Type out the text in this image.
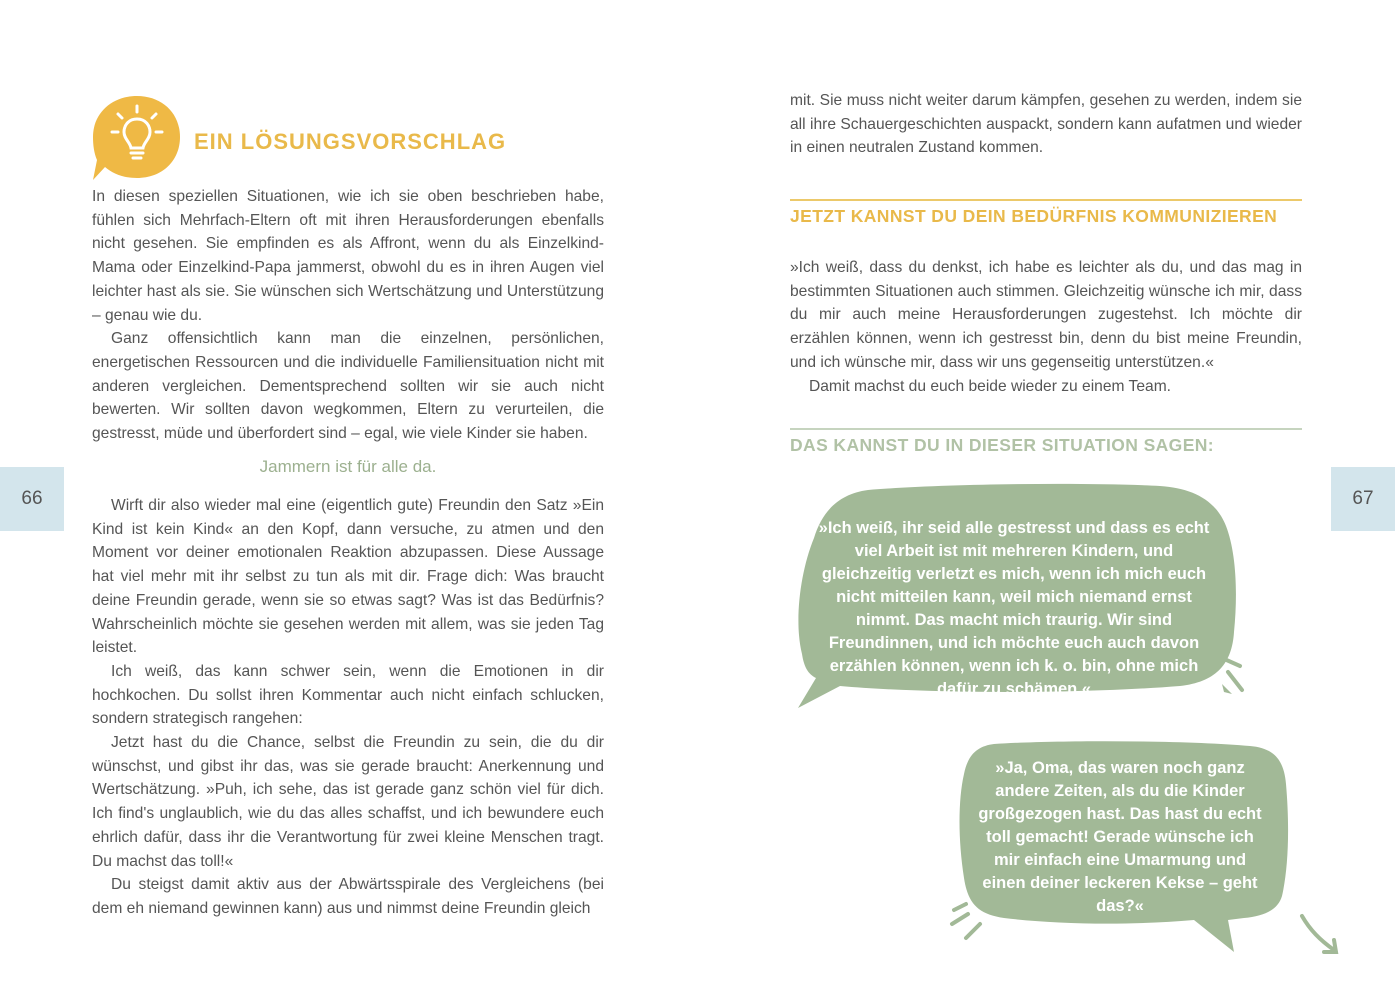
66	67
EIN LÖSUNGSVORSCHLAG

In diesen speziellen Situationen, wie ich sie oben beschrieben habe, fühlen sich Mehrfach-Eltern oft mit ihren Herausforderungen ebenfalls nicht gesehen. Sie empfinden es als Affront, wenn du als Einzelkind-Mama oder Einzelkind-Papa jammerst, obwohl du es in ihren Augen viel leichter hast als sie. Sie wünschen sich Wertschätzung und Unterstützung – genau wie du.

Ganz offensichtlich kann man die einzelnen, persönlichen, energetischen Ressourcen und die individuelle Familiensituation nicht mit anderen vergleichen. Dementsprechend sollten wir sie auch nicht bewerten. Wir sollten davon wegkommen, Eltern zu verurteilen, die gestresst, müde und überfordert sind – egal, wie viele Kinder sie haben.

Jammern ist für alle da.

Wirft dir also wieder mal eine (eigentlich gute) Freundin den Satz »Ein Kind ist kein Kind« an den Kopf, dann versuche, zu atmen und den Moment vor deiner emotionalen Reaktion abzupassen. Diese Aussage hat viel mehr mit ihr selbst zu tun als mit dir. Frage dich: Was braucht deine Freundin gerade, wenn sie so etwas sagt? Was ist das Bedürfnis? Wahrscheinlich möchte sie gesehen werden mit allem, was sie jeden Tag leistet.

Ich weiß, das kann schwer sein, wenn die Emotionen in dir hochkochen. Du sollst ihren Kommentar auch nicht einfach schlucken, sondern strategisch rangehen:

Jetzt hast du die Chance, selbst die Freundin zu sein, die du dir wünschst, und gibst ihr das, was sie gerade braucht: Anerkennung und Wertschätzung. »Puh, ich sehe, das ist gerade ganz schön viel für dich. Ich find's unglaublich, wie du das alles schaffst, und ich bewundere euch ehrlich dafür, dass ihr die Verantwortung für zwei kleine Menschen tragt. Du machst das toll!«

Du steigst damit aktiv aus der Abwärtsspirale des Vergleichens (bei dem eh niemand gewinnen kann) aus und nimmst deine Freundin gleich

mit. Sie muss nicht weiter darum kämpfen, gesehen zu werden, indem sie all ihre Schauergeschichten auspackt, sondern kann aufatmen und wieder in einen neutralen Zustand kommen.

JETZT KANNST DU DEIN BEDÜRFNIS KOMMUNIZIEREN

»Ich weiß, dass du denkst, ich habe es leichter als du, und das mag in bestimmten Situationen auch stimmen. Gleichzeitig wünsche ich mir, dass du mir auch meine Herausforderungen zugestehst. Ich möchte dir erzählen können, wenn ich gestresst bin, denn du bist meine Freundin, und ich wünsche mir, dass wir uns gegenseitig unterstützen.«

Damit machst du euch beide wieder zu einem Team.

DAS KANNST DU IN DIESER SITUATION SAGEN:
»Ich weiß, ihr seid alle gestresst und dass es echt viel Arbeit ist mit mehreren Kindern, und gleichzeitig verletzt es mich, wenn ich mich euch nicht mitteilen kann, weil mich niemand ernst nimmt. Das macht mich traurig. Wir sind Freundinnen, und ich möchte euch auch davon erzählen können, wenn ich k. o. bin, ohne mich dafür zu schämen.«
»Ja, Oma, das waren noch ganz andere Zeiten, als du die Kinder großgezogen hast. Das hast du echt toll gemacht! Gerade wünsche ich mir einfach eine Umarmung und einen deiner leckeren Kekse – geht das?«
